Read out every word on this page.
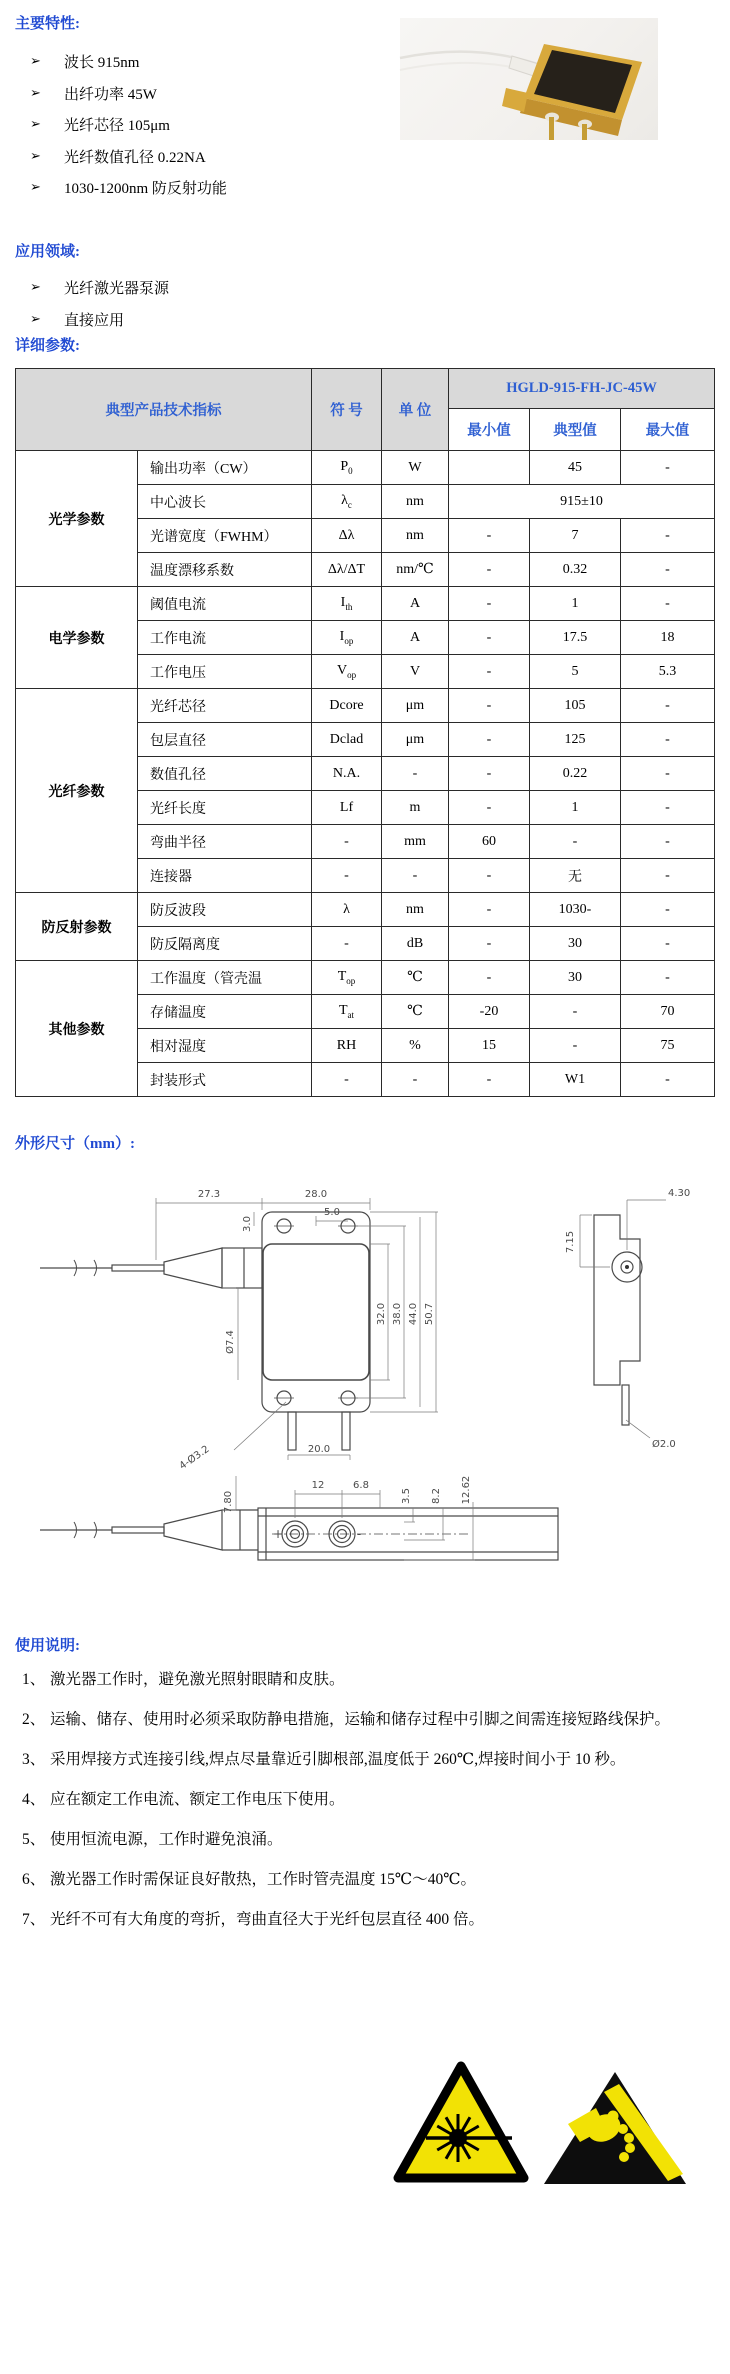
主要特性:
➢	波长 915nm
➢	出纤功率 45W
➢	光纤芯径 105μm
➢	光纤数值孔径 0.22NA
➢	1030-1200nm 防反射功能
应用领域:
➢	光纤激光器泵源
➢	直接应用
详细参数:
典型产品技术指标		符 号	单 位	HGLD-915-FH-JC-45W		
				最小值	典型值	最大值
光学参数	输出功率（CW）	$P_0$	W		45	-
	中心波长	$\lambda_c$	nm	915±10		
	光谱宽度（FWHM）	Δλ	nm	-	7	-
	温度漂移系数	Δλ/ΔT	nm/℃	-	0.32	-
电学参数	阈值电流	$I_{th}$	A	-	1	-
	工作电流	$I_{op}$	A	-	17.5	18
	工作电压	$V_{op}$	V	-	5	5.3
光纤参数	光纤芯径	Dcore	μm	-	105	-
	包层直径	Dclad	μm	-	125	-
	数值孔径	N.A.	-	-	0.22	-
	光纤长度	Lf	m	-	1	-
	弯曲半径	-	mm	60	-	-
	连接器	-	-	-	无	-
防反射参数	防反波段	λ	nm	-	1030-	-
	防反隔离度	-	dB	-	30	-
其他参数	工作温度（管壳温	$T_{op}$	℃	-	30	-
	存储温度	$T_{at}$	℃	-20	-	70
	相对湿度	RH	%	15	-	75
	封装形式	-	-	-	W1	-
外形尺寸（mm）:
27.3	28.0
5.0
3.0
Ø7.4
32.0 38.0 44.0 50.7
4-Ø3.2	20.0
7.15
4.30
Ø2.0
7.80
12	6.8
3.5 8.2 12.62
+	-
使用说明:
1、 激光器工作时，避免激光照射眼睛和皮肤。
2、 运输、储存、使用时必须采取防静电措施，运输和储存过程中引脚之间需连接短路线保护。
3、 采用焊接方式连接引线,焊点尽量靠近引脚根部,温度低于 260℃,焊接时间小于 10 秒。
4、 应在额定工作电流、额定工作电压下使用。
5、 使用恒流电源，工作时避免浪涌。
6、 激光器工作时需保证良好散热，工作时管壳温度 15℃～40℃。
7、 光纤不可有大角度的弯折，弯曲直径大于光纤包层直径 400 倍。
